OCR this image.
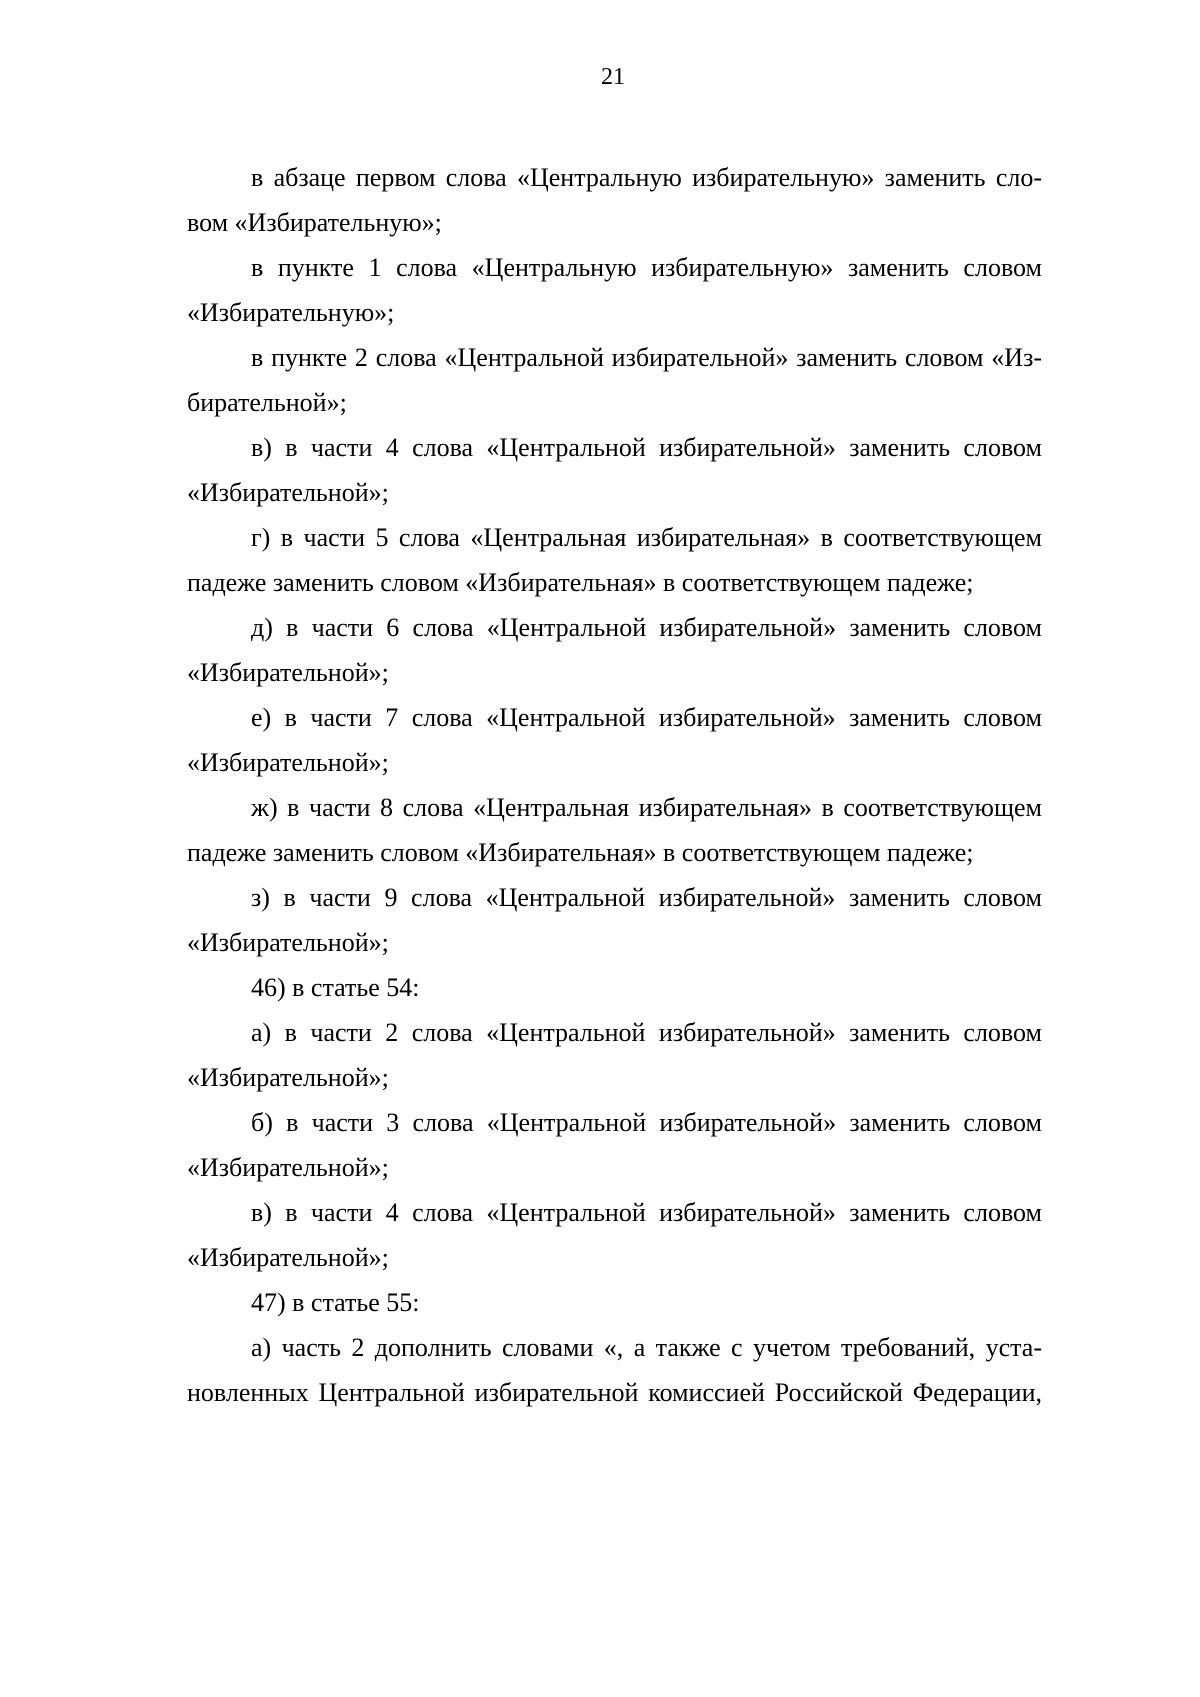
21
в абзаце первом слова «Центральную избирательную» заменить сло-
вом «Избирательную»;
в пункте 1 слова «Центральную избирательную» заменить словом
«Избирательную»;
в пункте 2 слова «Центральной избирательной» заменить словом «Из-
бирательной»;
в) в части 4 слова «Центральной избирательной» заменить словом
«Избирательной»;
г) в части 5 слова «Центральная избирательная» в соответствующем
падеже заменить словом «Избирательная» в соответствующем падеже;
д) в части 6 слова «Центральной избирательной» заменить словом
«Избирательной»;
е) в части 7 слова «Центральной избирательной» заменить словом
«Избирательной»;
ж) в части 8 слова «Центральная избирательная» в соответствующем
падеже заменить словом «Избирательная» в соответствующем падеже;
з) в части 9 слова «Центральной избирательной» заменить словом
«Избирательной»;
46) в статье 54:
а) в части 2 слова «Центральной избирательной» заменить словом
«Избирательной»;
б) в части 3 слова «Центральной избирательной» заменить словом
«Избирательной»;
в) в части 4 слова «Центральной избирательной» заменить словом
«Избирательной»;
47) в статье 55:
а) часть 2 дополнить словами «, а также с учетом требований, уста-
новленных Центральной избирательной комиссией Российской Федерации,
